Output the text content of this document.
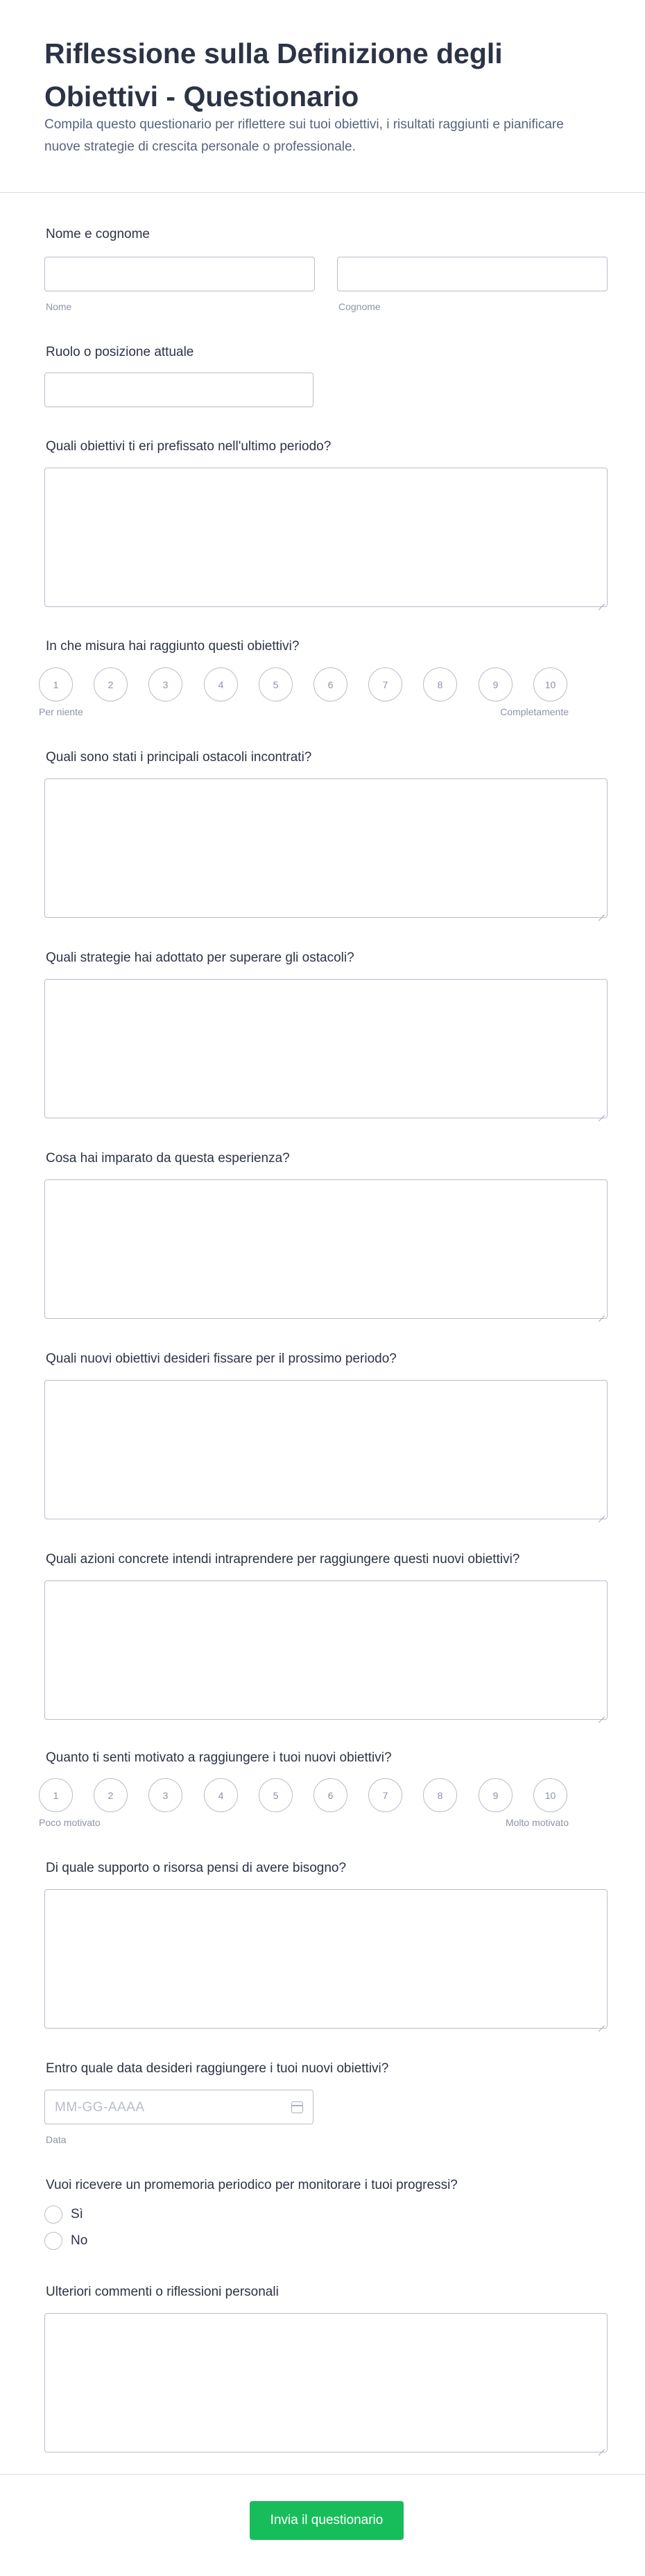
Riflessione sulla Definizione degli Obiettivi - Questionario
Compila questo questionario per riflettere sui tuoi obiettivi, i risultati raggiunti e pianificare nuove strategie di crescita personale o professionale.
Nome e cognome
Nome	Cognome
Ruolo o posizione attuale
Quali obiettivi ti eri prefissato nell'ultimo periodo?
In che misura hai raggiunto questi obiettivi?
1	2	3	4	5	6	7	8	9	10
Per niente	Completamente
Quali sono stati i principali ostacoli incontrati?
Quali strategie hai adottato per superare gli ostacoli?
Cosa hai imparato da questa esperienza?
Quali nuovi obiettivi desideri fissare per il prossimo periodo?
Quali azioni concrete intendi intraprendere per raggiungere questi nuovi obiettivi?
Quanto ti senti motivato a raggiungere i tuoi nuovi obiettivi?
1	2	3	4	5	6	7	8	9	10
Poco motivato	Molto motivato
Di quale supporto o risorsa pensi di avere bisogno?
Entro quale data desideri raggiungere i tuoi nuovi obiettivi?
MM-GG-AAAA
Data
Vuoi ricevere un promemoria periodico per monitorare i tuoi progressi?
Sì
No
Ulteriori commenti o riflessioni personali
Invia il questionario
